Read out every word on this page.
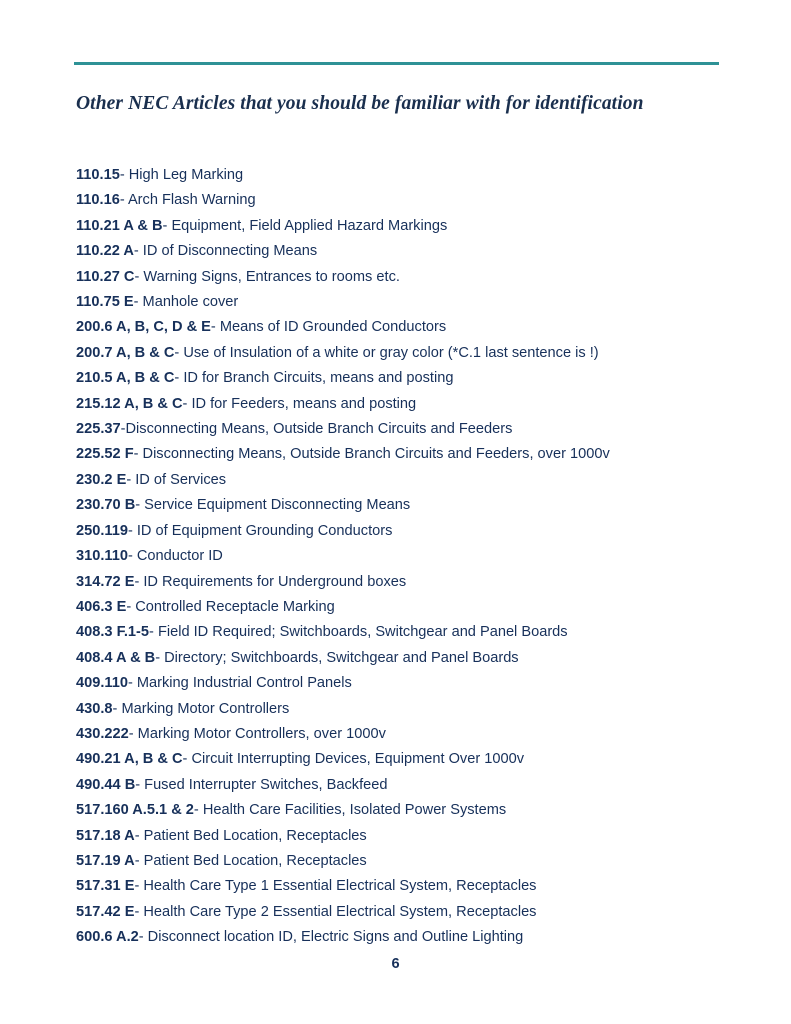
Other NEC Articles that you should be familiar with for identification
110.15- High Leg Marking
110.16- Arch Flash Warning
110.21 A & B- Equipment, Field Applied Hazard Markings
110.22 A- ID of Disconnecting Means
110.27 C- Warning Signs, Entrances to rooms etc.
110.75 E- Manhole cover
200.6 A, B, C, D & E- Means of ID Grounded Conductors
200.7 A, B & C- Use of Insulation of a white or gray color (*C.1 last sentence is !)
210.5 A, B & C- ID for Branch Circuits, means and posting
215.12 A, B & C- ID for Feeders, means and posting
225.37-Disconnecting Means, Outside Branch Circuits and Feeders
225.52 F- Disconnecting Means, Outside Branch Circuits and Feeders, over 1000v
230.2 E- ID of Services
230.70 B- Service Equipment Disconnecting Means
250.119- ID of Equipment Grounding Conductors
310.110- Conductor ID
314.72 E- ID Requirements for Underground boxes
406.3 E- Controlled Receptacle Marking
408.3 F.1-5- Field ID Required; Switchboards, Switchgear and Panel Boards
408.4 A & B- Directory; Switchboards, Switchgear and Panel Boards
409.110- Marking Industrial Control Panels
430.8- Marking Motor Controllers
430.222- Marking Motor Controllers, over 1000v
490.21 A, B & C- Circuit Interrupting Devices, Equipment Over 1000v
490.44 B- Fused Interrupter Switches, Backfeed
517.160 A.5.1 & 2- Health Care Facilities, Isolated Power Systems
517.18 A- Patient Bed Location, Receptacles
517.19 A- Patient Bed Location, Receptacles
517.31 E- Health Care Type 1 Essential Electrical System, Receptacles
517.42 E- Health Care Type 2 Essential Electrical System, Receptacles
600.6 A.2- Disconnect location ID, Electric Signs and Outline Lighting
6
